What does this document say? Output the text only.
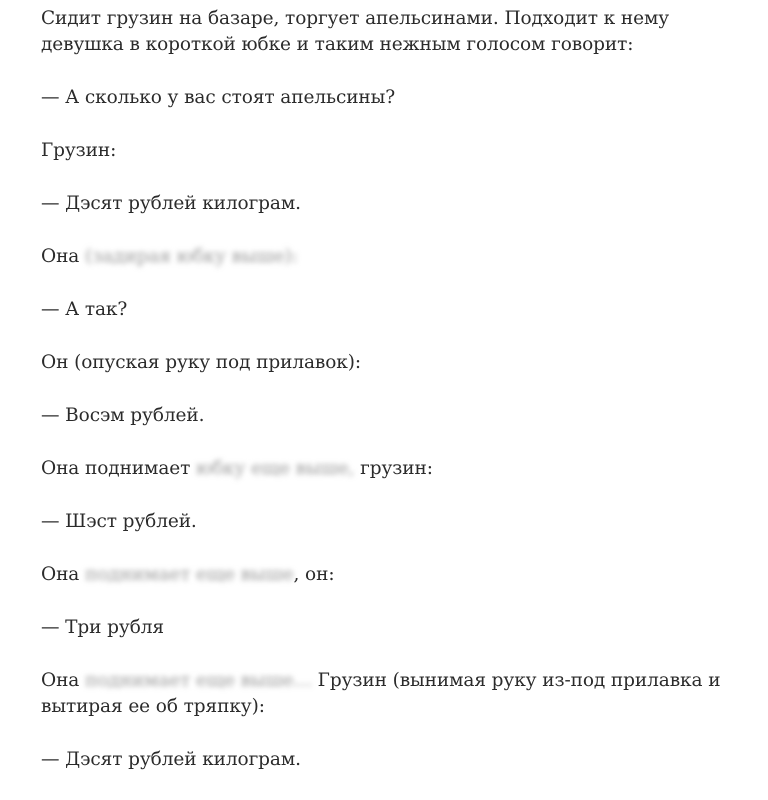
Сидит грузин на базаре, торгует апельсинами. Подходит к нему девушка в короткой юбке и таким нежным голосом говорит:

— А сколько у вас стоят апельсины?

Грузин:

— Дэсят рублей килограм.

Она (задирая юбку выше):

— А так?

Он (опуская руку под прилавок):

— Восэм рублей.

Она поднимает юбку еще выше, грузин:

— Шэст рублей.

Она поднимает еще выше, он:

— Три рубля

Она поднимает еще выше… Грузин (вынимая руку из-под прилавка и вытирая ее об тряпку):

— Дэсят рублей килограм.
